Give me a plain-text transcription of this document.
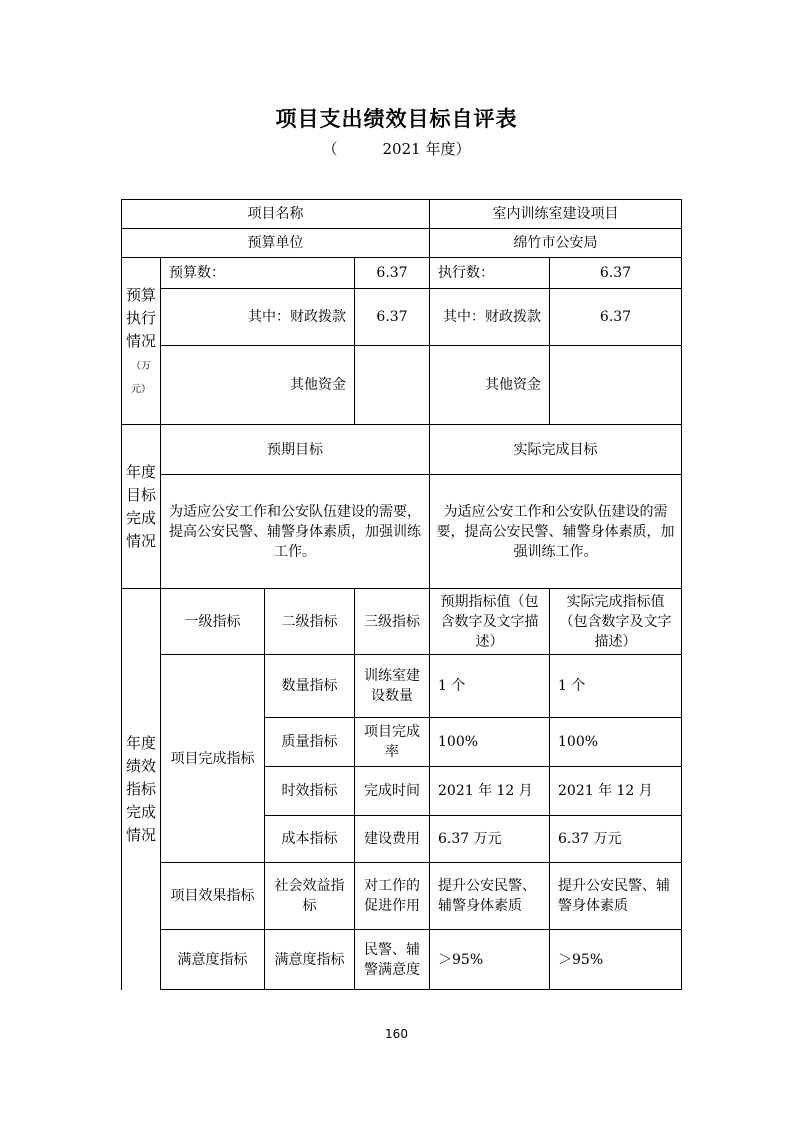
项目支出绩效目标自评表
（	2021 年度）
项目名称				室内训练室建设项目	
预算单位				绵竹市公安局	
预算执行情况
（万元）	预算数：		6.37	执行数：	6.37
	其中：财政拨款		6.37	其中：财政拨款	6.37
	其他资金			其他资金	
年度目标完成情况	预期目标			实际完成目标	
	为适应公安工作和公安队伍建设的需要，提高公安民警、辅警身体素质，加强训练工作。			为适应公安工作和公安队伍建设的需要，提高公安民警、辅警身体素质，加强训练工作。	
年度绩效指标完成情况	一级指标	二级指标	三级指标	预期指标值（包含数字及文字描述）	实际完成指标值（包含数字及文字描述）
	项目完成指标	数量指标	训练室建设数量	1 个	1 个
		质量指标	项目完成率	100%	100%
		时效指标	完成时间	2021 年 12 月	2021 年 12 月
		成本指标	建设费用	6.37 万元	6.37 万元
	项目效果指标	社会效益指标	对工作的促进作用	提升公安民警、辅警身体素质	提升公安民警、辅警身体素质
	满意度指标	满意度指标	民警、辅警满意度	＞95%	＞95%
160
